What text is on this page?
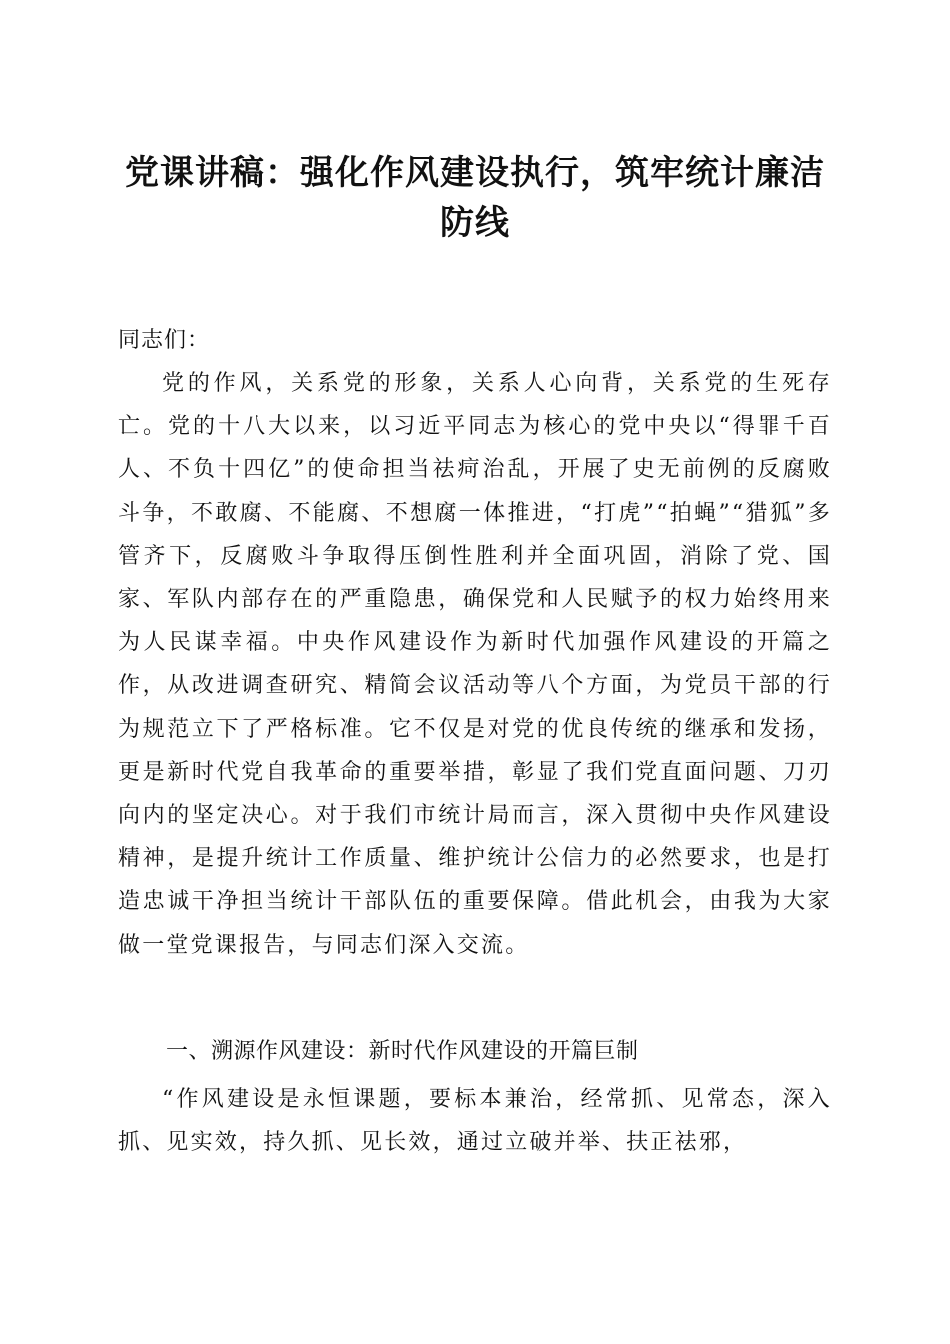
党课讲稿：强化作风建设执行，筑牢统计廉洁防线

同志们：

党的作风，关系党的形象，关系人心向背，关系党的生死存亡。党的十八大以来，以习近平同志为核心的党中央以“得罪千百人、不负十四亿”的使命担当祛疴治乱，开展了史无前例的反腐败斗争，不敢腐、不能腐、不想腐一体推进，“打虎”“拍蝇”“猎狐”多管齐下，反腐败斗争取得压倒性胜利并全面巩固，消除了党、国家、军队内部存在的严重隐患，确保党和人民赋予的权力始终用来为人民谋幸福。中央作风建设作为新时代加强作风建设的开篇之作，从改进调查研究、精简会议活动等八个方面，为党员干部的行为规范立下了严格标准。它不仅是对党的优良传统的继承和发扬，更是新时代党自我革命的重要举措，彰显了我们党直面问题、刀刃向内的坚定决心。对于我们市统计局而言，深入贯彻中央作风建设精神，是提升统计工作质量、维护统计公信力的必然要求，也是打造忠诚干净担当统计干部队伍的重要保障。借此机会，由我为大家做一堂党课报告，与同志们深入交流。

一、溯源作风建设：新时代作风建设的开篇巨制

“作风建设是永恒课题，要标本兼治，经常抓、见常态，深入抓、见实效，持久抓、见长效，通过立破并举、扶正祛邪，
